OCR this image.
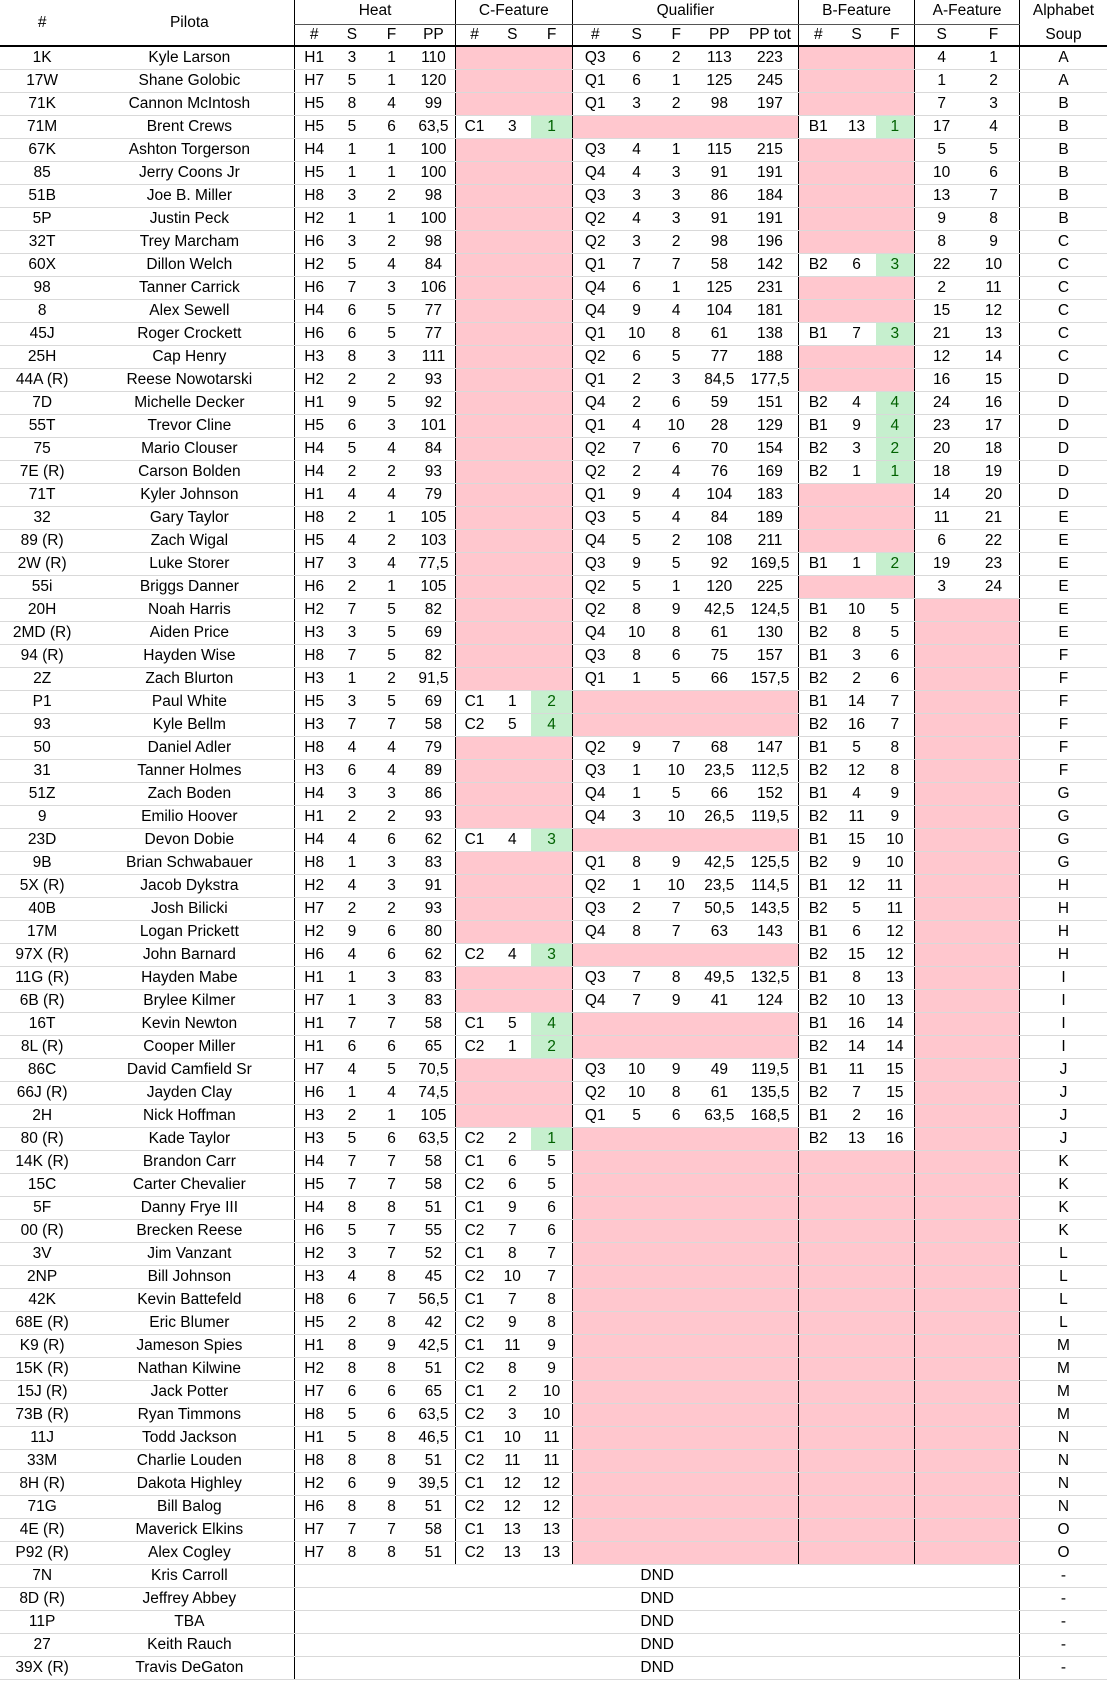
#	Pilota	Heat				C-Feature			Qualifier					B-Feature			A-Feature		Alphabet
		#	S	F	PP	#	S	F	#	S	F	PP	PP tot	#	S	F	S	F	Soup
1K	Kyle Larson	H1	3	1	110				Q3	6	2	113	223				4	1	A
17W	Shane Golobic	H7	5	1	120				Q1	6	1	125	245				1	2	A
71K	Cannon McIntosh	H5	8	4	99				Q1	3	2	98	197				7	3	B
71M	Brent Crews	H5	5	6	63,5	C1	3	1						B1	13	1	17	4	B
67K	Ashton Torgerson	H4	1	1	100				Q3	4	1	115	215				5	5	B
85	Jerry Coons Jr	H5	1	1	100				Q4	4	3	91	191				10	6	B
51B	Joe B. Miller	H8	3	2	98				Q3	3	3	86	184				13	7	B
5P	Justin Peck	H2	1	1	100				Q2	4	3	91	191				9	8	B
32T	Trey Marcham	H6	3	2	98				Q2	3	2	98	196				8	9	C
60X	Dillon Welch	H2	5	4	84				Q1	7	7	58	142	B2	6	3	22	10	C
98	Tanner Carrick	H6	7	3	106				Q4	6	1	125	231				2	11	C
8	Alex Sewell	H4	6	5	77				Q4	9	4	104	181				15	12	C
45J	Roger Crockett	H6	6	5	77				Q1	10	8	61	138	B1	7	3	21	13	C
25H	Cap Henry	H3	8	3	111				Q2	6	5	77	188				12	14	C
44A (R)	Reese Nowotarski	H2	2	2	93				Q1	2	3	84,5	177,5				16	15	D
7D	Michelle Decker	H1	9	5	92				Q4	2	6	59	151	B2	4	4	24	16	D
55T	Trevor Cline	H5	6	3	101				Q1	4	10	28	129	B1	9	4	23	17	D
75	Mario Clouser	H4	5	4	84				Q2	7	6	70	154	B2	3	2	20	18	D
7E (R)	Carson Bolden	H4	2	2	93				Q2	2	4	76	169	B2	1	1	18	19	D
71T	Kyler Johnson	H1	4	4	79				Q1	9	4	104	183				14	20	D
32	Gary Taylor	H8	2	1	105				Q3	5	4	84	189				11	21	E
89 (R)	Zach Wigal	H5	4	2	103				Q4	5	2	108	211				6	22	E
2W (R)	Luke Storer	H7	3	4	77,5				Q3	9	5	92	169,5	B1	1	2	19	23	E
55i	Briggs Danner	H6	2	1	105				Q2	5	1	120	225				3	24	E
20H	Noah Harris	H2	7	5	82				Q2	8	9	42,5	124,5	B1	10	5			E
2MD (R)	Aiden Price	H3	3	5	69				Q4	10	8	61	130	B2	8	5			E
94 (R)	Hayden Wise	H8	7	5	82				Q3	8	6	75	157	B1	3	6			F
2Z	Zach Blurton	H3	1	2	91,5				Q1	1	5	66	157,5	B2	2	6			F
P1	Paul White	H5	3	5	69	C1	1	2						B1	14	7			F
93	Kyle Bellm	H3	7	7	58	C2	5	4						B2	16	7			F
50	Daniel Adler	H8	4	4	79				Q2	9	7	68	147	B1	5	8			F
31	Tanner Holmes	H3	6	4	89				Q3	1	10	23,5	112,5	B2	12	8			F
51Z	Zach Boden	H4	3	3	86				Q4	1	5	66	152	B1	4	9			G
9	Emilio Hoover	H1	2	2	93				Q4	3	10	26,5	119,5	B2	11	9			G
23D	Devon Dobie	H4	4	6	62	C1	4	3						B1	15	10			G
9B	Brian Schwabauer	H8	1	3	83				Q1	8	9	42,5	125,5	B2	9	10			G
5X (R)	Jacob Dykstra	H2	4	3	91				Q2	1	10	23,5	114,5	B1	12	11			H
40B	Josh Bilicki	H7	2	2	93				Q3	2	7	50,5	143,5	B2	5	11			H
17M	Logan Prickett	H2	9	6	80				Q4	8	7	63	143	B1	6	12			H
97X (R)	John Barnard	H6	4	6	62	C2	4	3						B2	15	12			H
11G (R)	Hayden Mabe	H1	1	3	83				Q3	7	8	49,5	132,5	B1	8	13			I
6B (R)	Brylee Kilmer	H7	1	3	83				Q4	7	9	41	124	B2	10	13			I
16T	Kevin Newton	H1	7	7	58	C1	5	4						B1	16	14			I
8L (R)	Cooper Miller	H1	6	6	65	C2	1	2						B2	14	14			I
86C	David Camfield Sr	H7	4	5	70,5				Q3	10	9	49	119,5	B1	11	15			J
66J (R)	Jayden Clay	H6	1	4	74,5				Q2	10	8	61	135,5	B2	7	15			J
2H	Nick Hoffman	H3	2	1	105				Q1	5	6	63,5	168,5	B1	2	16			J
80 (R)	Kade Taylor	H3	5	6	63,5	C2	2	1						B2	13	16			J
14K (R)	Brandon Carr	H4	7	7	58	C1	6	5											K
15C	Carter Chevalier	H5	7	7	58	C2	6	5											K
5F	Danny Frye III	H4	8	8	51	C1	9	6											K
00 (R)	Brecken Reese	H6	5	7	55	C2	7	6											K
3V	Jim Vanzant	H2	3	7	52	C1	8	7											L
2NP	Bill Johnson	H3	4	8	45	C2	10	7											L
42K	Kevin Battefeld	H8	6	7	56,5	C1	7	8											L
68E (R)	Eric Blumer	H5	2	8	42	C2	9	8											L
K9 (R)	Jameson Spies	H1	8	9	42,5	C1	11	9											M
15K (R)	Nathan Kilwine	H2	8	8	51	C2	8	9											M
15J (R)	Jack Potter	H7	6	6	65	C1	2	10											M
73B (R)	Ryan Timmons	H8	5	6	63,5	C2	3	10											M
11J	Todd Jackson	H1	5	8	46,5	C1	10	11											N
33M	Charlie Louden	H8	8	8	51	C2	11	11											N
8H (R)	Dakota Highley	H2	6	9	39,5	C1	12	12											N
71G	Bill Balog	H6	8	8	51	C2	12	12											N
4E (R)	Maverick Elkins	H7	7	7	58	C1	13	13											O
P92 (R)	Alex Cogley	H7	8	8	51	C2	13	13											O
7N	Kris Carroll	DND																	-
8D (R)	Jeffrey Abbey	DND																	-
11P	TBA	DND																	-
27	Keith Rauch	DND																	-
39X (R)	Travis DeGaton	DND																	-
